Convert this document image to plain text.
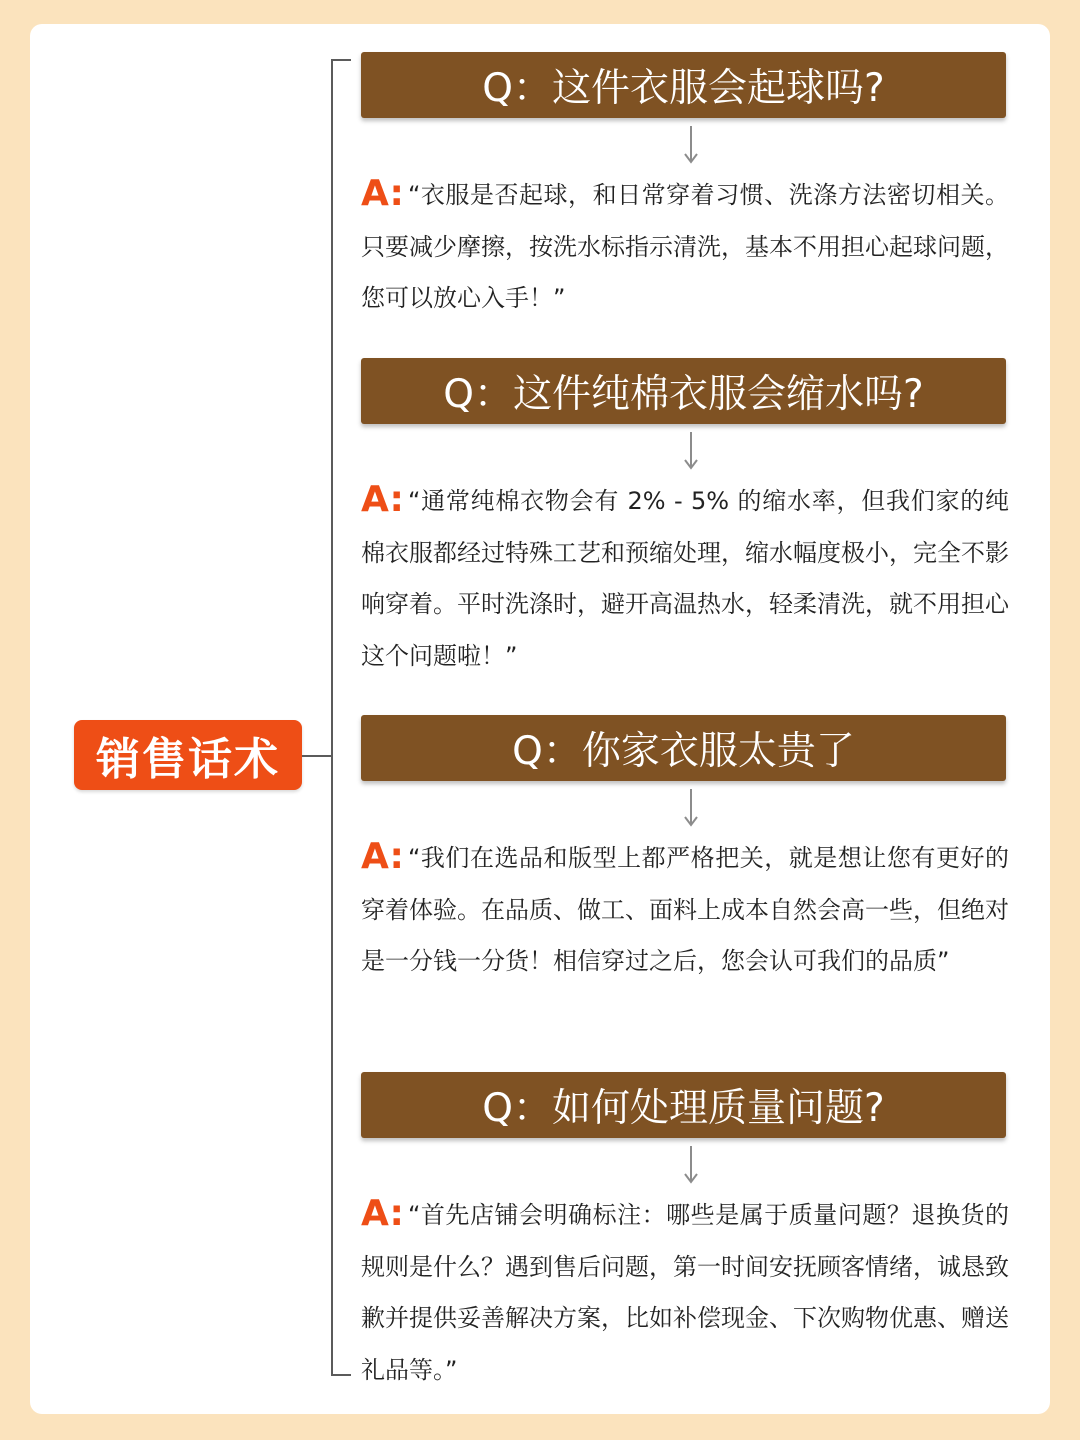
销售话术
Q：这件衣服会起球吗?
A: “衣服是否起球，和日常穿着习惯、洗涤方法密切相关。只要减少摩擦，按洗水标指示清洗，基本不用担心起球问题，您可以放心入手！”
Q：这件纯棉衣服会缩水吗?
A: “通常纯棉衣物会有 2% - 5% 的缩水率，但我们家的纯棉衣服都经过特殊工艺和预缩处理，缩水幅度极小，完全不影响穿着。平时洗涤时，避开高温热水，轻柔清洗，就不用担心这个问题啦！”
Q：你家衣服太贵了
A: “我们在选品和版型上都严格把关，就是想让您有更好的穿着体验。在品质、做工、面料上成本自然会高一些，但绝对是一分钱一分货！相信穿过之后，您会认可我们的品质”
Q：如何处理质量问题?
A: “首先店铺会明确标注：哪些是属于质量问题？退换货的规则是什么？遇到售后问题，第一时间安抚顾客情绪，诚恳致歉并提供妥善解决方案，比如补偿现金、下次购物优惠、赠送礼品等。”
